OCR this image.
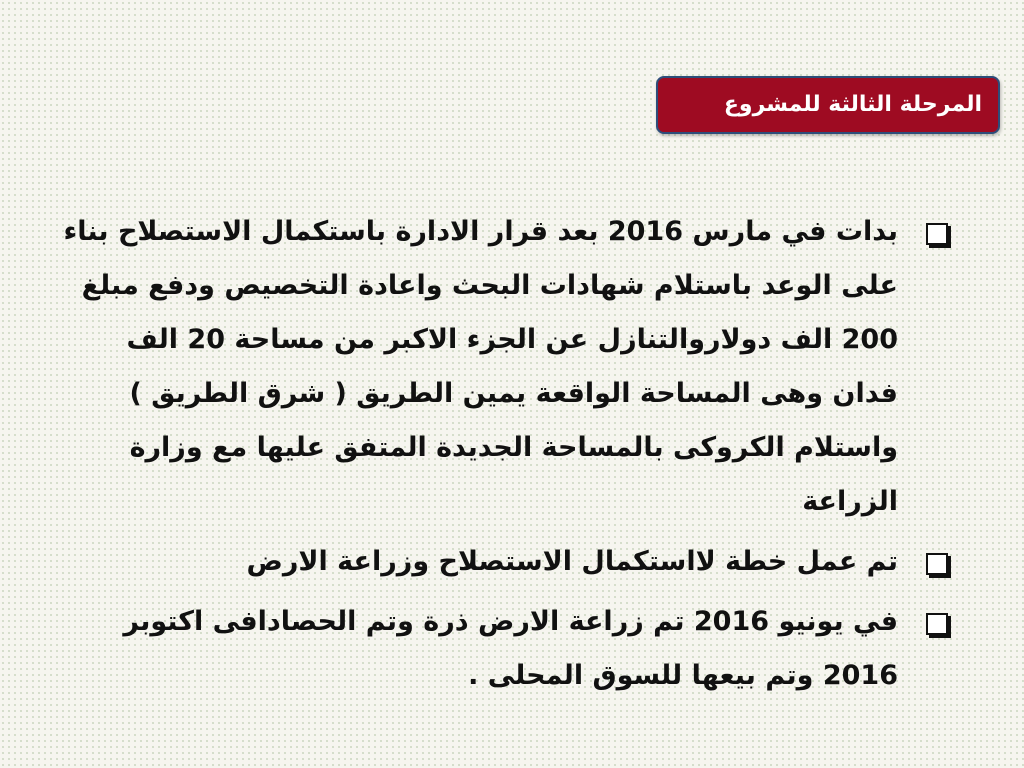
المرحلة الثالثة للمشروع
بدات في مارس 2016 بعد قرار الادارة باستكمال الاستصلاح بناء على الوعد باستلام شهادات البحث واعادة التخصيص ودفع مبلغ 200 الف دولاروالتنازل عن الجزء الاكبر من مساحة 20 الف فدان وهى المساحة الواقعة يمين الطريق ( شرق الطريق ) واستلام الكروكى بالمساحة الجديدة المتفق عليها مع وزارة الزراعة
تم عمل خطة لااستكمال الاستصلاح وزراعة الارض
في يونيو 2016 تم زراعة الارض ذرة وتم الحصادافى اكتوبر 2016 وتم بيعها للسوق المحلى .
